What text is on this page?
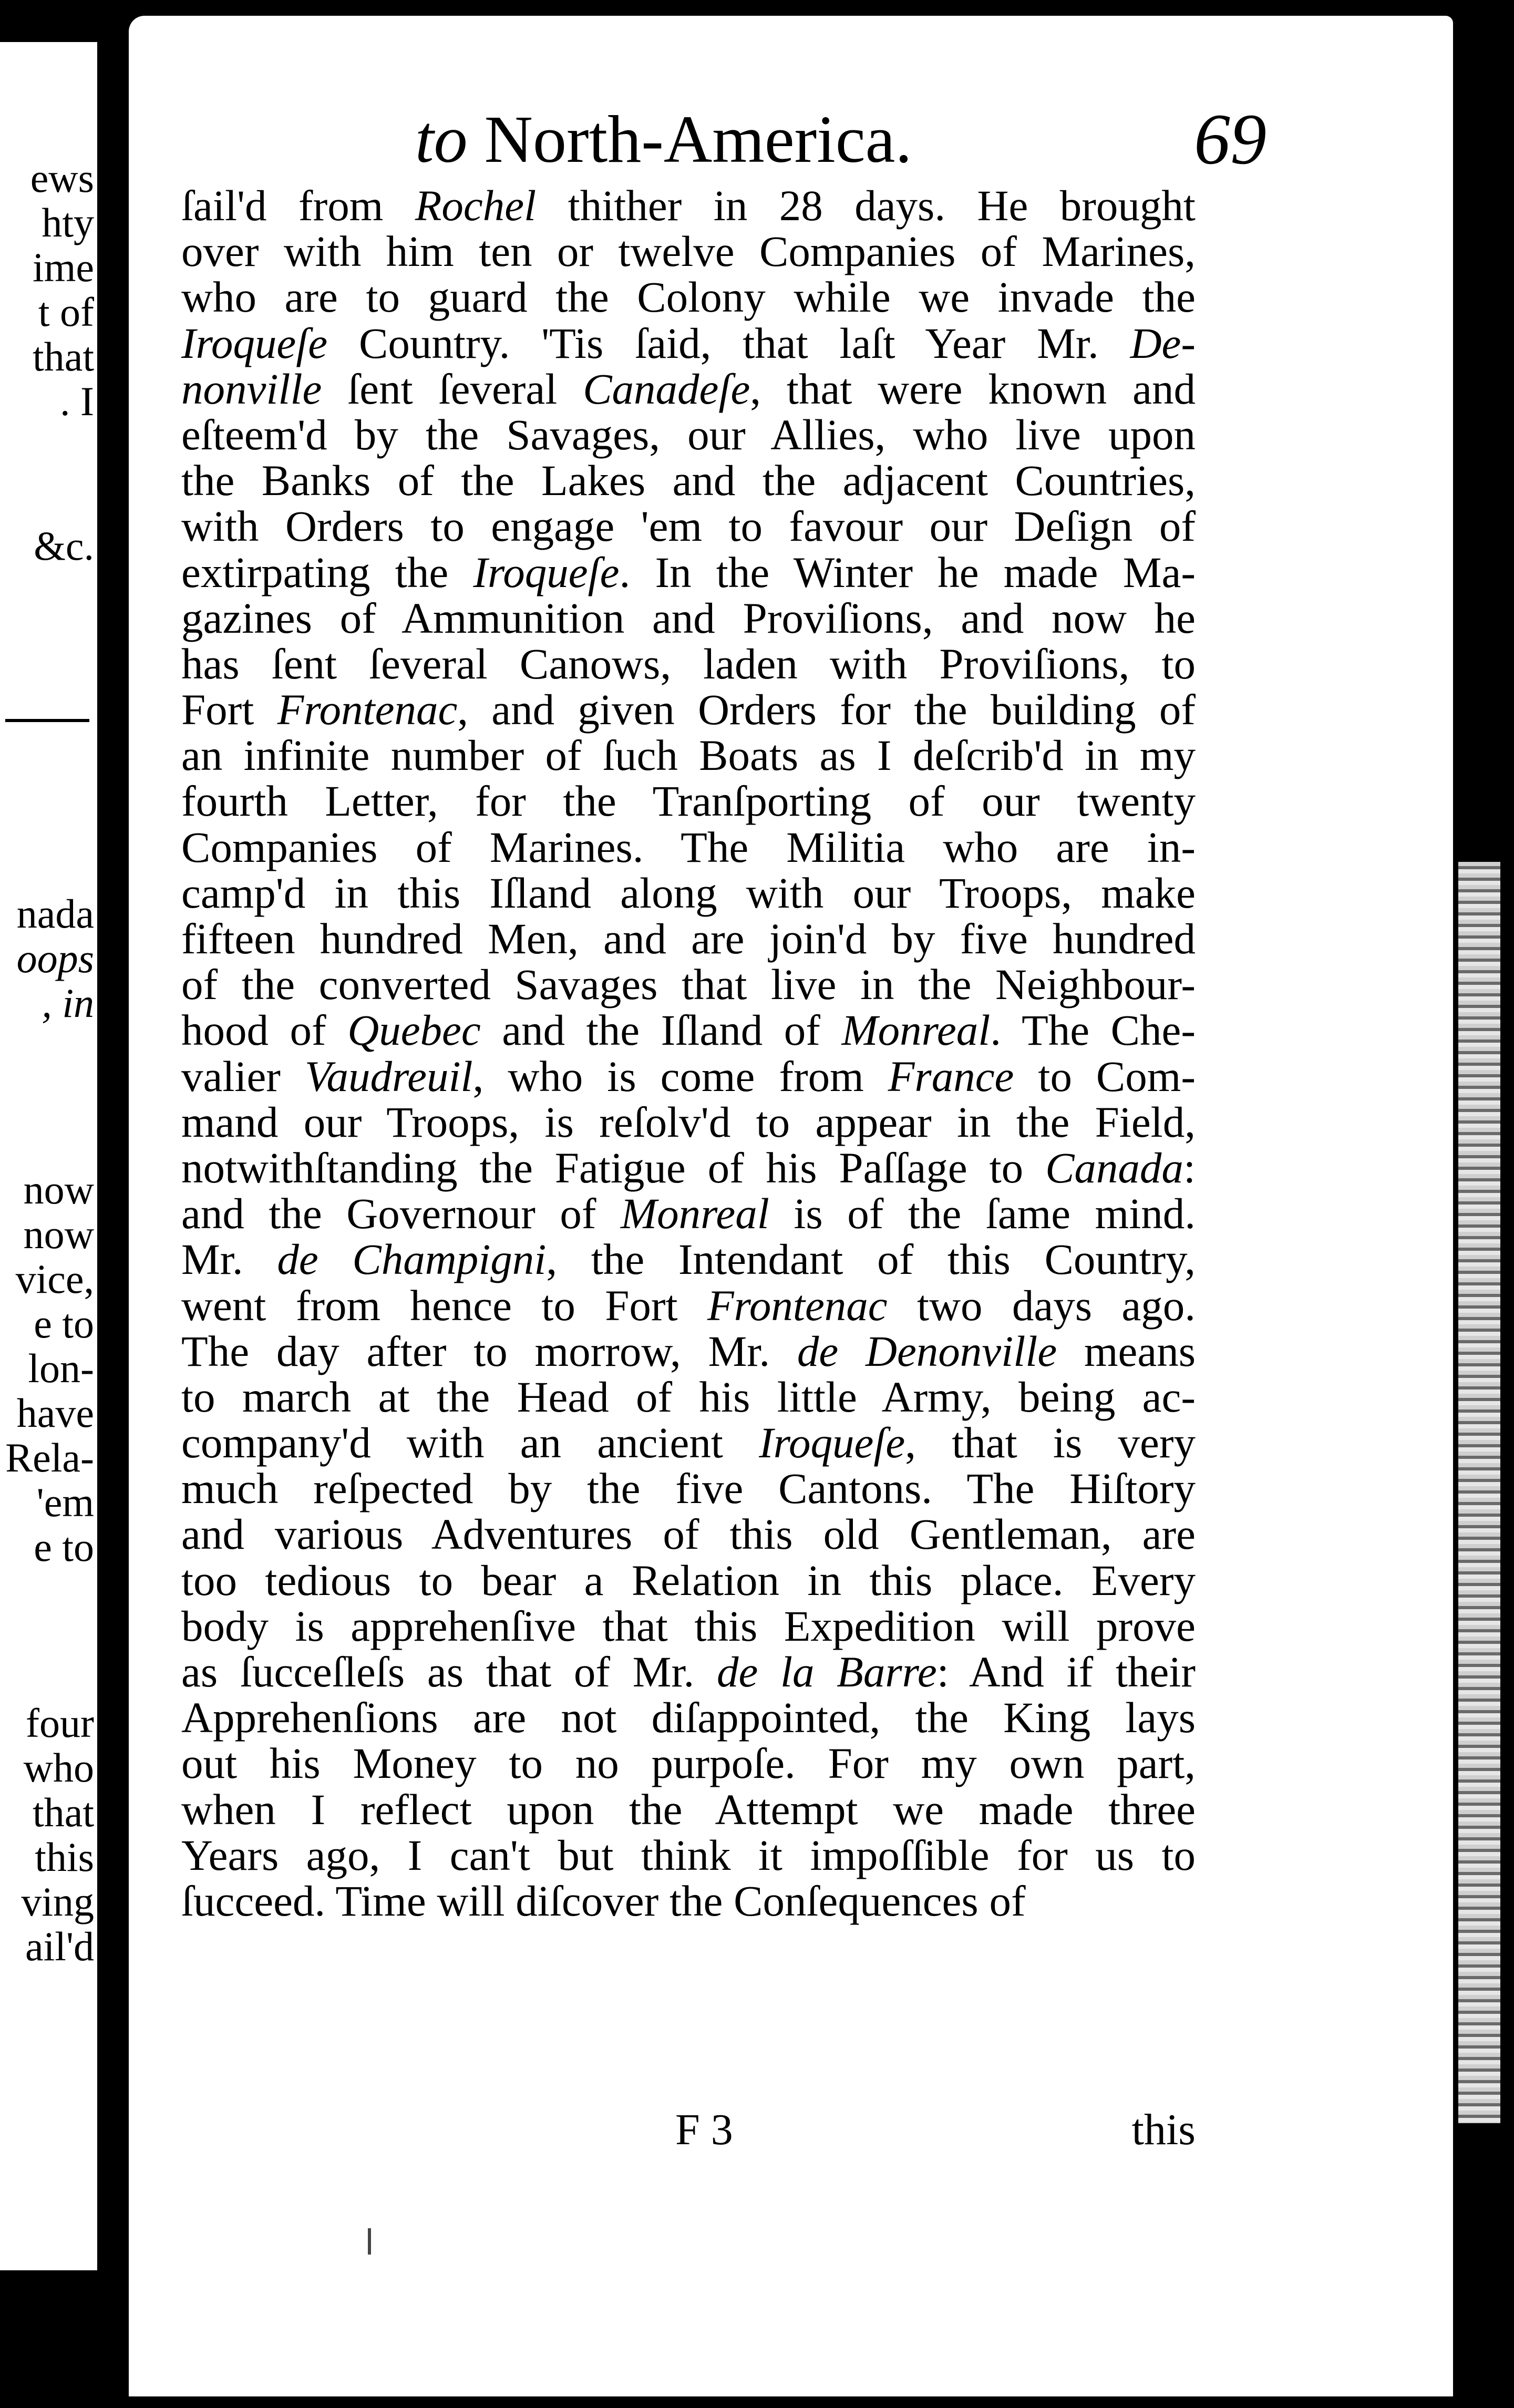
ews
hty
ime
t of
that
. I
&c.
nada
oops
, in
now
now
vice,
e to
lon-
have
Rela-
'em
e to
four
who
that
this
ving
ail'd
to North-America.	69
ſail'd from Rochel thither in 28 days. He brought
over with him ten or twelve Companies of Marines,
who are to guard the Colony while we invade the
Iroqueſe Country. 'Tis ſaid, that laſt Year Mr. De-
nonville ſent ſeveral Canadeſe, that were known and
eſteem'd by the Savages, our Allies, who live upon
the Banks of the Lakes and the adjacent Countries,
with Orders to engage 'em to favour our Deſign of
extirpating the Iroqueſe. In the Winter he made Ma-
gazines of Ammunition and Proviſions, and now he
has ſent ſeveral Canows, laden with Proviſions, to
Fort Frontenac, and given Orders for the building of
an infinite number of ſuch Boats as I deſcrib'd in my
fourth Letter, for the Tranſporting of our twenty
Companies of Marines. The Militia who are in-
camp'd in this Iſland along with our Troops, make
fifteen hundred Men, and are join'd by five hundred
of the converted Savages that live in the Neighbour-
hood of Quebec and the Iſland of Monreal. The Che-
valier Vaudreuil, who is come from France to Com-
mand our Troops, is reſolv'd to appear in the Field,
notwithſtanding the Fatigue of his Paſſage to Canada:
and the Governour of Monreal is of the ſame mind.
Mr. de Champigni, the Intendant of this Country,
went from hence to Fort Frontenac two days ago.
The day after to morrow, Mr. de Denonville means
to march at the Head of his little Army, being ac-
company'd with an ancient Iroqueſe, that is very
much reſpected by the five Cantons. The Hiſtory
and various Adventures of this old Gentleman, are
too tedious to bear a Relation in this place. Every
body is apprehenſive that this Expedition will prove
as ſucceſleſs as that of Mr. de la Barre: And if their
Apprehenſions are not diſappointed, the King lays
out his Money to no purpoſe. For my own part,
when I reflect upon the Attempt we made three
Years ago, I can't but think it impoſſible for us to
ſucceed. Time will diſcover the Conſequences of
F 3	this
